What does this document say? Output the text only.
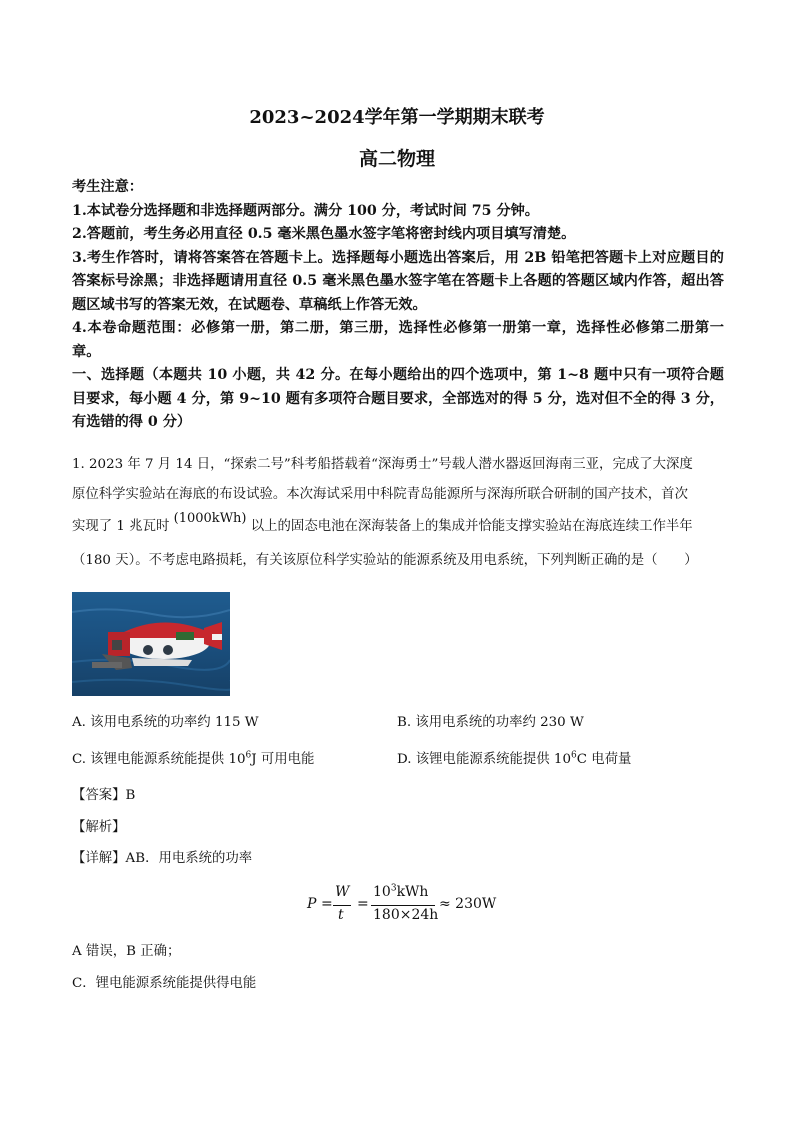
2023~2024学年第一学期期末联考
高二物理
考生注意：
1.本试卷分选择题和非选择题两部分。满分 100 分，考试时间 75 分钟。
2.答题前，考生务必用直径 0.5 毫米黑色墨水签字笔将密封线内项目填写清楚。
3.考生作答时，请将答案答在答题卡上。选择题每小题选出答案后，用 2B 铅笔把答题卡上对应题目的答案标号涂黑；非选择题请用直径 0.5 毫米黑色墨水签字笔在答题卡上各题的答题区域内作答，超出答题区域书写的答案无效，在试题卷、草稿纸上作答无效。
4.本卷命题范围：必修第一册，第二册，第三册，选择性必修第一册第一章，选择性必修第二册第一章。
一、选择题（本题共 10 小题，共 42 分。在每小题给出的四个选项中，第 1~8 题中只有一项符合题目要求，每小题 4 分，第 9~10 题有多项符合题目要求，全部选对的得 5 分，选对但不全的得 3 分，有选错的得 0 分）
1. 2023 年 7 月 14 日，“探索二号”科考船搭载着“深海勇士”号载人潜水器返回海南三亚，完成了大深度
原位科学实验站在海底的布设试验。本次海试采用中科院青岛能源所与深海所联合研制的国产技术，首次
实现了 1 兆瓦时 (1000kWh) 以上的固态电池在深海装备上的集成并恰能支撑实验站在海底连续工作半年
（180 天）。不考虑电路损耗，有关该原位科学实验站的能源系统及用电系统，下列判断正确的是（　　）
A. 该用电系统的功率约 115 W	B. 该用电系统的功率约 230 W
C. 该锂电能源系统能提供 $10^6J$ 可用电能	D. 该锂电能源系统能提供 $10^6C$ 电荷量
【答案】B
【解析】
【详解】AB．用电系统的功率
P =
W
t
=
$10^3kWh$
180×24h
≈ 230W
A 错误，B 正确；
C．锂电能源系统能提供得电能
